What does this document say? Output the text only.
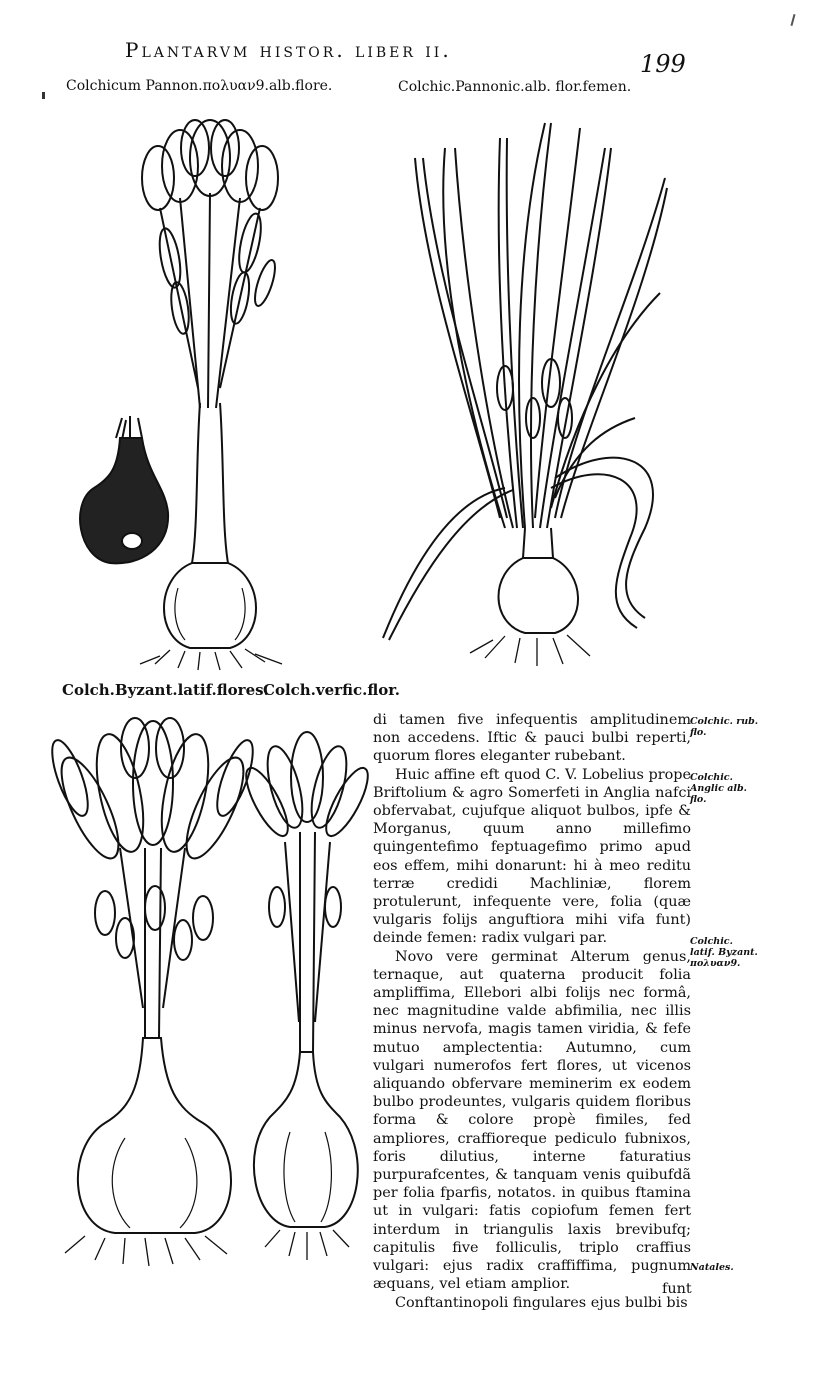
Plantarvm histor. liber ii.	199
Colchicum Pannon.πολυαν9.alb.flore.	Colchic.Pannonic.alb. flor.femen.
Colch.Byzant.latif.flores.
Colch.verfic.flor.

di tamen five infequentis amplitudinem non accedens. Iftic & pauci bulbi reperti, quorum flores eleganter rubebant.

Huic affine eft quod C. V. Lobelius prope Briftolium & agro Somerfeti in Anglia nafci obfervabat, cujufque aliquot bulbos, ipfe & Morganus, quum anno millefimo quingentefimo feptuagefimo primo apud eos effem, mihi donarunt: hi à meo reditu terræ credidi Machliniæ, florem protulerunt, infequente vere, folia (quæ vulgaris folijs anguftiora mihi vifa funt) deinde femen: radix vulgari par.

Novo vere germinat Alterum genus, ternaque, aut quaterna producit folia ampliffima, Ellebori albi folijs nec formâ, nec magnitudine valde abfimilia, nec illis minus nervofa, magis tamen viridia, & fefe mutuo amplectentia: Autumno, cum vulgari numerofos fert flores, ut vicenos aliquando obfervare meminerim ex eodem bulbo prodeuntes, vulgaris quidem floribus forma & colore propè fimiles, fed ampliores, craffioreque pediculo fubnixos, foris dilutius, interne faturatius purpurafcentes, & tanquam venis quibufdã per folia fparfis, notatos. in quibus ftamina ut in vulgari: fatis copiofum femen fert interdum in triangulis laxis brevibufq; capitulis five folliculis, triplo craffius vulgari: ejus radix craffiffima, pugnum æquans, vel etiam amplior.

Conftantinopoli fingulares ejus bulbi bis

funt
Colchic. rub. flo.
Colchic. Anglic alb. flo.
Colchic. latif. Byzant. πολυαν9.
Natales.
